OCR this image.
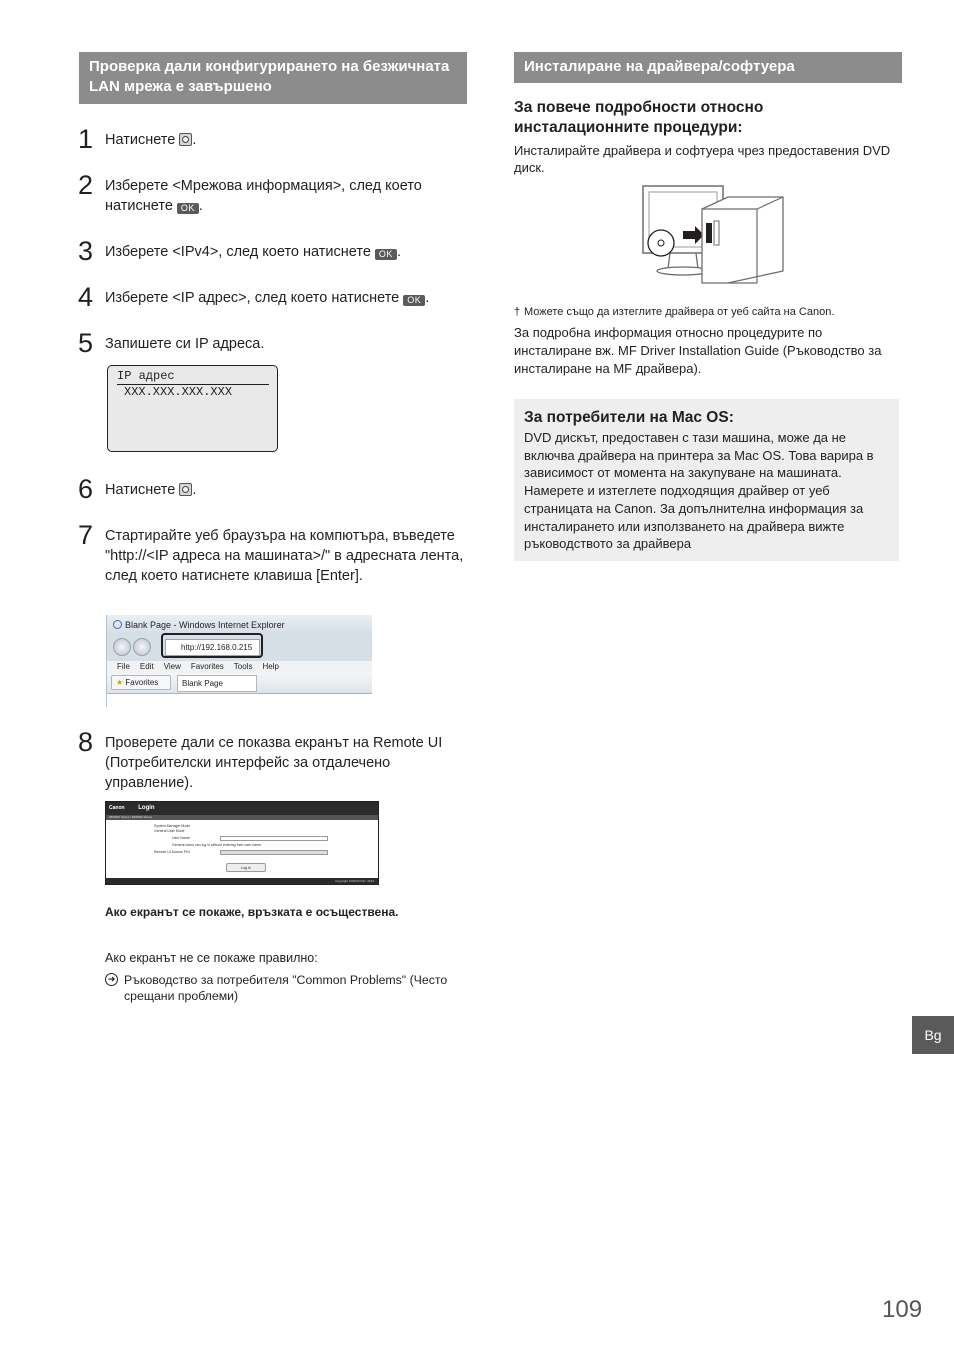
Проверка дали конфигурирането на безжичната LAN мрежа е завършено
1 Натиснете .
2 Изберете <Мрежова информация>, след което натиснете OK .
3 Изберете <IPv4>, след което натиснете OK .
4 Изберете <IP адрес>, след което натиснете OK .
5 Запишете си IP адреса.
IP адрес
XXX.XXX.XXX.XXX
6 Натиснете .
7 Стартирайте уеб браузъра на компютъра, въведете "http://<IP адреса на машината>/" в адресната лента, след което натиснете клавиша [Enter].
Blank Page - Windows Internet Explorer
http://192.168.0.215
File Edit View Favorites Tools Help
★ Favorites	Blank Page
8 Проверете дали се показва екранът на Remote UI (Потребителски интерфейс за отдалечено управление).
Canon Login
MF8000 Series / MF8000 Series
System Manager Mode
General User Mode
User Name:
General users can log in without entering their user name.
Remote UI Access PIN:
Log In
Copyright CANON INC. 2013
Ако екранът се покаже, връзката е осъществена.
Ако екранът не се покаже правилно:
➜ Ръководство за потребителя "Common Problems" (Често срещани проблеми)
Инсталиране на драйвера/софтуера
За повече подробности относно инсталационните процедури:
Инсталирайте драйвера и софтуера чрез предоставения DVD диск.
† Можете също да изтеглите драйвера от уеб сайта на Canon.
За подробна информация относно процедурите по инсталиране вж. MF Driver Installation Guide (Ръководство за инсталиране на MF драйвера).
За потребители на Mac OS:
DVD дискът, предоставен с тази машина, може да не включва драйвера на принтера за Mac OS. Това варира в зависимост от момента на закупуване на машината. Намерете и изтеглете подходящия драйвер от уеб страницата на Canon. За допълнителна информация за инсталирането или използването на драйвера вижте ръководството за драйвера
Bg
109
